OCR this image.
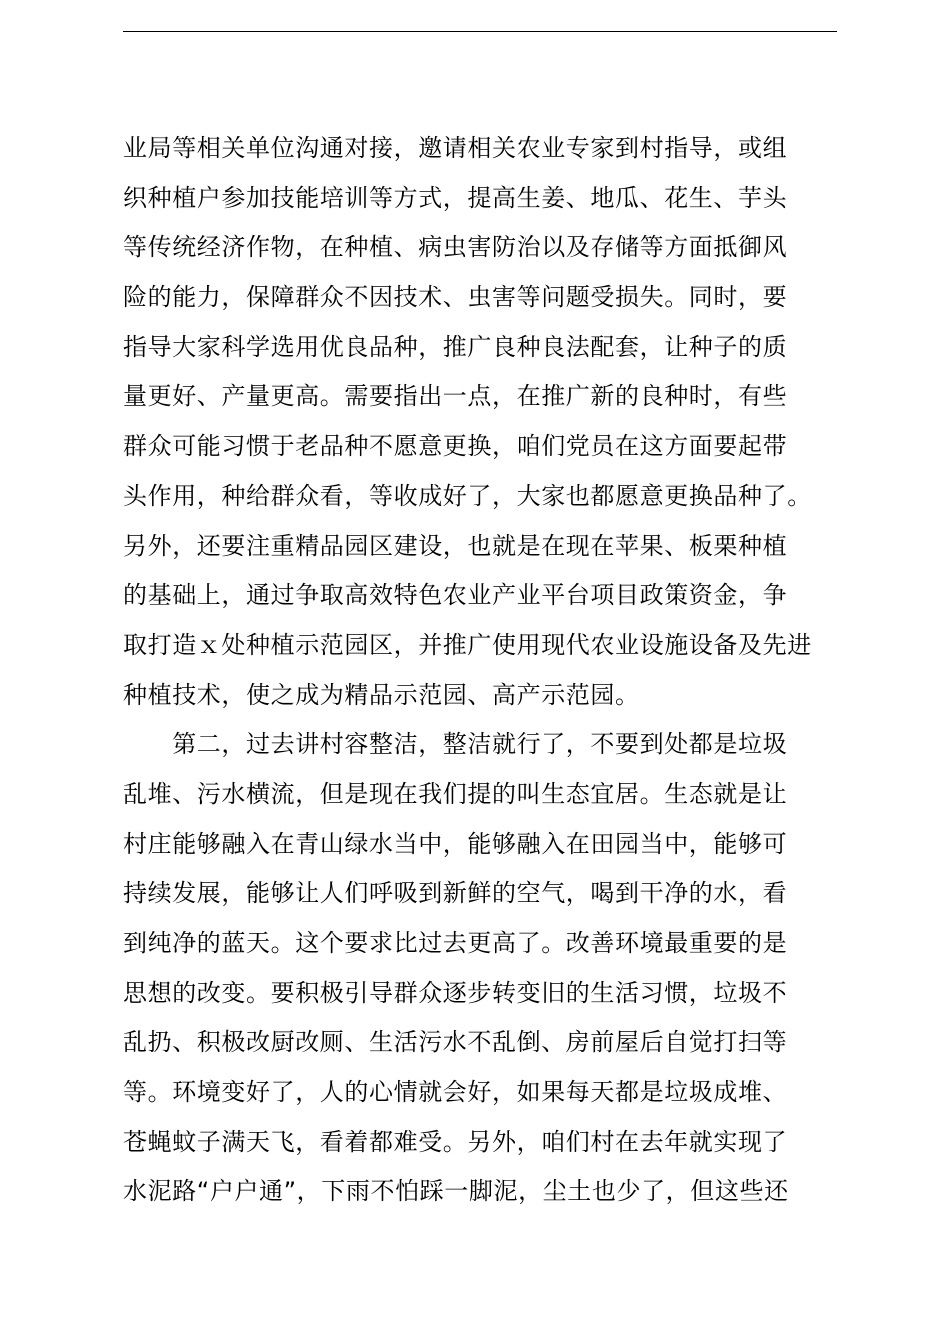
业局等相关单位沟通对接，邀请相关农业专家到村指导，或组
织种植户参加技能培训等方式，提高生姜、地瓜、花生、芋头
等传统经济作物，在种植、病虫害防治以及存储等方面抵御风
险的能力，保障群众不因技术、虫害等问题受损失。同时，要
指导大家科学选用优良品种，推广良种良法配套，让种子的质
量更好、产量更高。需要指出一点，在推广新的良种时，有些
群众可能习惯于老品种不愿意更换，咱们党员在这方面要起带
头作用，种给群众看，等收成好了，大家也都愿意更换品种了。
另外，还要注重精品园区建设，也就是在现在苹果、板栗种植
的基础上，通过争取高效特色农业产业平台项目政策资金，争
取打造ｘ处种植示范园区，并推广使用现代农业设施设备及先进
种植技术，使之成为精品示范园、高产示范园。
　　第二，过去讲村容整洁，整洁就行了，不要到处都是垃圾
乱堆、污水横流，但是现在我们提的叫生态宜居。生态就是让
村庄能够融入在青山绿水当中，能够融入在田园当中，能够可
持续发展，能够让人们呼吸到新鲜的空气，喝到干净的水，看
到纯净的蓝天。这个要求比过去更高了。改善环境最重要的是
思想的改变。要积极引导群众逐步转变旧的生活习惯，垃圾不
乱扔、积极改厨改厕、生活污水不乱倒、房前屋后自觉打扫等
等。环境变好了，人的心情就会好，如果每天都是垃圾成堆、
苍蝇蚊子满天飞，看着都难受。另外，咱们村在去年就实现了
水泥路“户户通”，下雨不怕踩一脚泥，尘土也少了，但这些还
